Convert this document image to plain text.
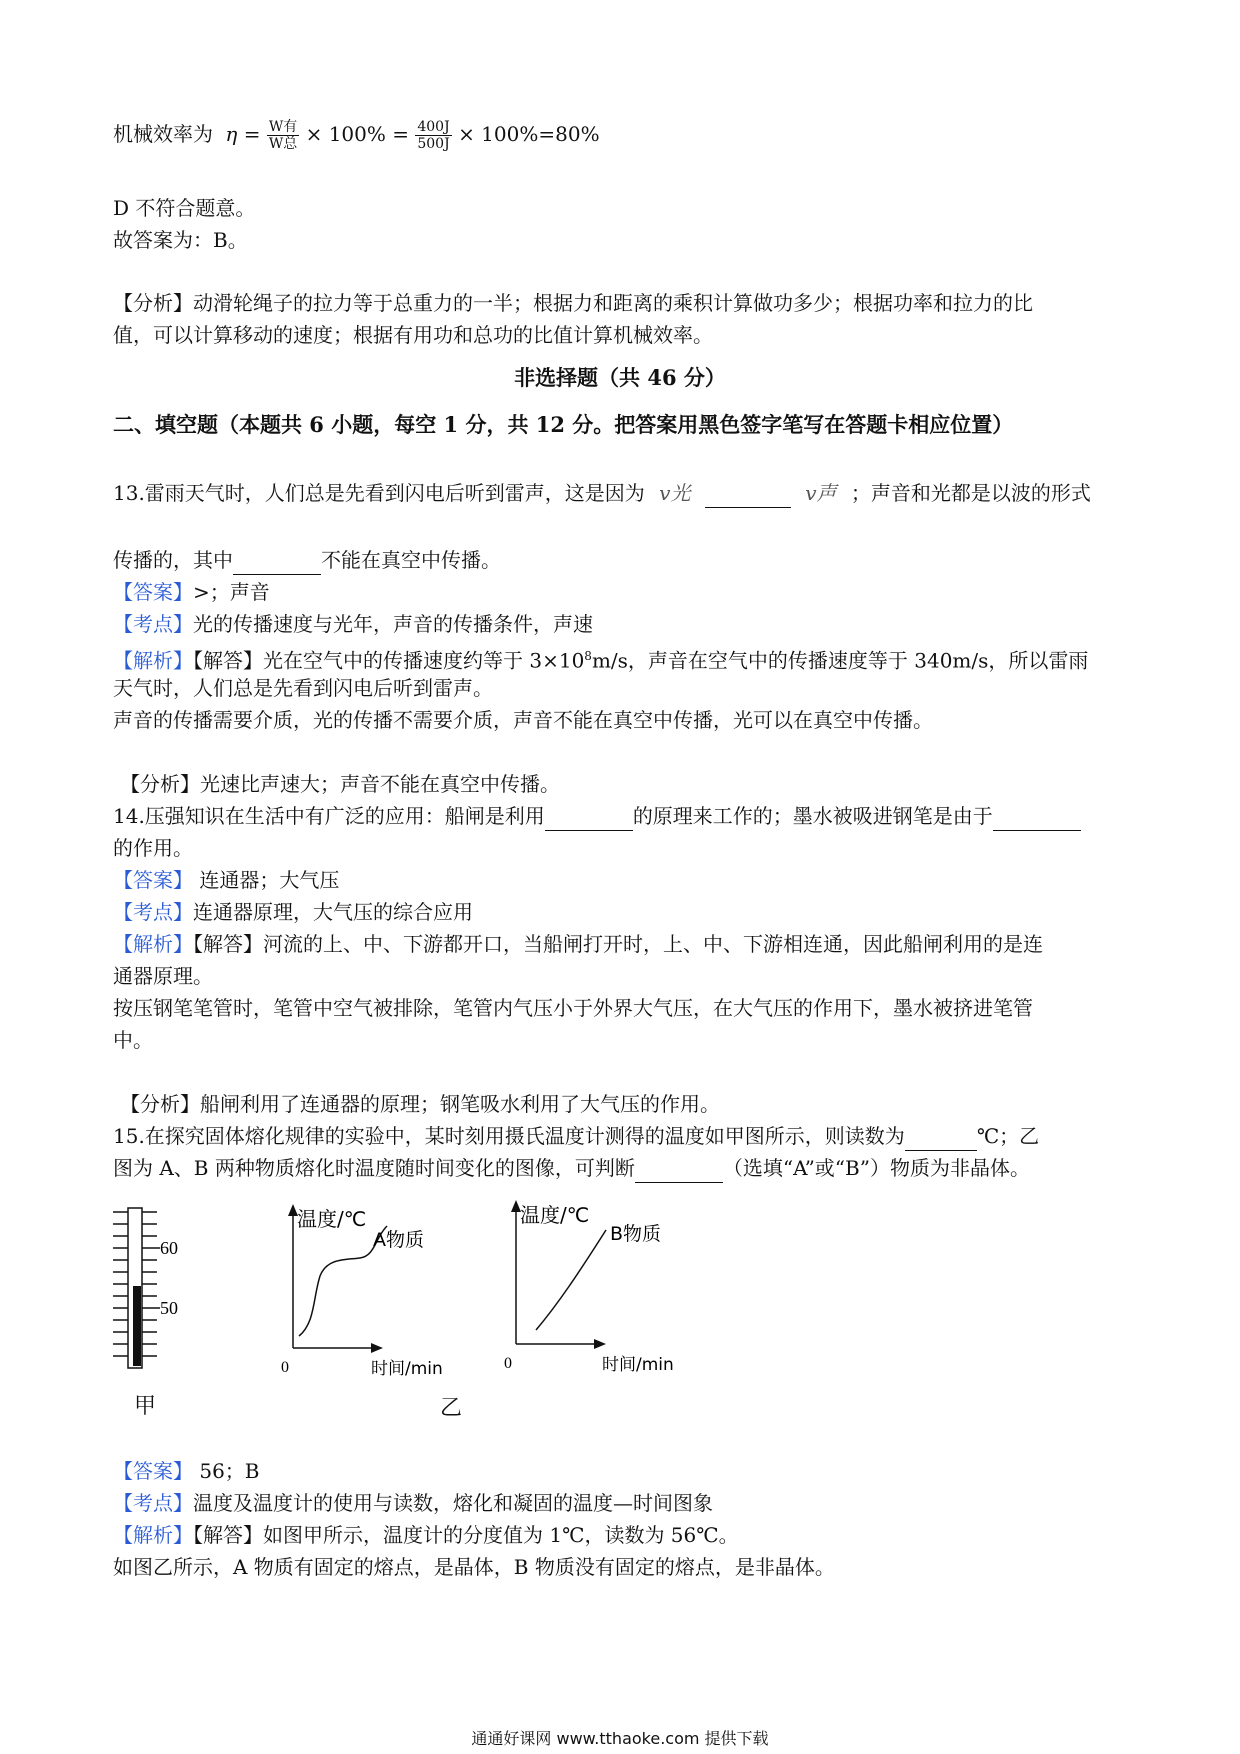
机械效率为 $\eta = \frac{\text{W有}}{\text{W总}} \times 100\% = \frac{400J}{500J} \times 100\%=80\%$
D 不符合题意。
故答案为：B。
【分析】动滑轮绳子的拉力等于总重力的一半；根据力和距离的乘积计算做功多少；根据功率和拉力的比
值，可以计算移动的速度；根据有用功和总功的比值计算机械效率。
非选择题（共 46 分）
二、填空题（本题共 6 小题，每空 1 分，共 12 分。把答案用黑色签字笔写在答题卡相应位置）
13.雷雨天气时，人们总是先看到闪电后听到雷声，这是因为 v光	v声 ；声音和光都是以波的形式
传播的，其中	不能在真空中传播。
【答案】>；声音
【考点】光的传播速度与光年，声音的传播条件，声速
【解析】【解答】光在空气中的传播速度约等于 $3\times 10^8m/s$，声音在空气中的传播速度等于 340m/s，所以雷雨
天气时，人们总是先看到闪电后听到雷声。
声音的传播需要介质，光的传播不需要介质，声音不能在真空中传播，光可以在真空中传播。
【分析】光速比声速大；声音不能在真空中传播。
14.压强知识在生活中有广泛的应用：船闸是利用	的原理来工作的；墨水被吸进钢笔是由于
的作用。
【答案】 连通器；大气压
【考点】连通器原理，大气压的综合应用
【解析】【解答】河流的上、中、下游都开口，当船闸打开时，上、中、下游相连通，因此船闸利用的是连
通器原理。
按压钢笔笔管时，笔管中空气被排除，笔管内气压小于外界大气压，在大气压的作用下，墨水被挤进笔管
中。
【分析】船闸利用了连通器的原理；钢笔吸水利用了大气压的作用。
15.在探究固体熔化规律的实验中，某时刻用摄氏温度计测得的温度如甲图所示，则读数为	℃；乙
图为 A、B 两种物质熔化时温度随时间变化的图像，可判断	（选填“A”或“B”）物质为非晶体。
60
50
甲
温度/℃
A物质
0	时间/min
温度/℃
B物质
0	时间/min
乙
【答案】 56；B
【考点】温度及温度计的使用与读数，熔化和凝固的温度—时间图象
【解析】【解答】如图甲所示，温度计的分度值为 1℃，读数为 56℃。
如图乙所示，A 物质有固定的熔点，是晶体，B 物质没有固定的熔点，是非晶体。
通通好课网 www.tthaoke.com 提供下载
